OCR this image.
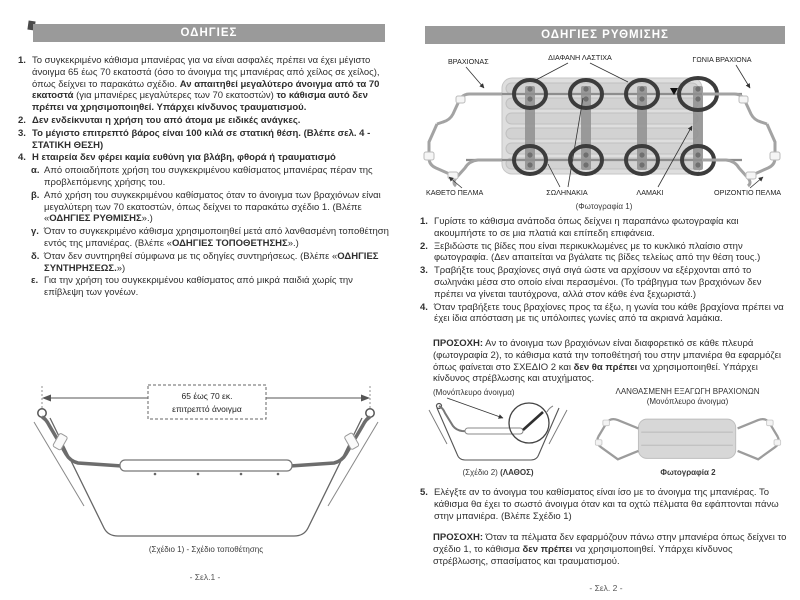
ΟΔΗΓΙΕΣ
1. Το συγκεκριμένο κάθισμα μπανιέρας για να είναι ασφαλές πρέπει να έχει μέγιστο άνοιγμα 65 έως 70 εκατοστά (όσο το άνοιγμα της μπανιέρας από χείλος σε χείλος), όπως δείχνει το παρακάτω σχέδιο. Αν απαιτηθεί μεγαλύτερο άνοιγμα από τα 70 εκατοστά (για μπανιέρες μεγαλύτερες των 70 εκατοστών) το κάθισμα αυτό δεν πρέπει να χρησιμοποιηθεί. Υπάρχει κίνδυνος τραυματισμού.
2. Δεν ενδείκνυται η χρήση του από άτομα με ειδικές ανάγκες.
3. Το μέγιστο επιτρεπτό βάρος είναι 100 κιλά σε στατική θέση. (Βλέπε σελ. 4 - ΣΤΑΤΙΚΗ ΘΕΣΗ)
4. Η εταιρεία δεν φέρει καμία ευθύνη για βλάβη, φθορά ή τραυματισμό
α. Από οποιαδήποτε χρήση του συγκεκριμένου καθίσματος μπανιέρας πέραν της προβλεπόμενης χρήσης του.
β. Από χρήση του συγκεκριμένου καθίσματος όταν το άνοιγμα των βραχιόνων είναι μεγαλύτερη των 70 εκατοστών, όπως δείχνει το παρακάτω σχέδιο 1. (Βλέπε «ΟΔΗΓΙΕΣ ΡΥΘΜΙΣΗΣ».)
γ. Όταν το συγκεκριμένο κάθισμα χρησιμοποιηθεί μετά από λανθασμένη τοποθέτηση εντός της μπανιέρας. (Βλέπε «ΟΔΗΓΙΕΣ ΤΟΠΟΘΕΤΗΣΗΣ».)
δ. Όταν δεν συντηρηθεί σύμφωνα με τις οδηγίες συντηρήσεως. (Βλέπε «ΟΔΗΓΙΕΣ ΣΥΝΤΗΡΗΣΕΩΣ.»)
ε. Για την χρήση του συγκεκριμένου καθίσματος από μικρά παιδιά χωρίς την επίβλεψη των γονέων.
65 έως 70 εκ.
επιτρεπτό άνοιγμα
(Σχέδιο 1) - Σχέδιο τοποθέτησης
- Σελ.1 -
ΟΔΗΓΙΕΣ ΡΥΘΜΙΣΗΣ
ΒΡΑΧΙΟΝΑΣ	ΔΙΑΦΑΝΗ ΛΑΣΤΙΧΑ	ΓΩΝΙΑ ΒΡΑΧΙΟΝΑ
ΚΑΘΕΤΟ ΠΕΛΜΑ	ΣΩΛΗΝΑΚΙΑ	ΛΑΜΑΚΙ	ΟΡΙΖΟΝΤΙΟ ΠΕΛΜΑ
(Φωτογραφία 1)
1. Γυρίστε το κάθισμα ανάποδα όπως δείχνει η παραπάνω φωτογραφία και ακουμπήστε το σε μια πλατιά και επίπεδη επιφάνεια.
2. Ξεβιδώστε τις βίδες που είναι περικυκλωμένες με το κυκλικό πλαίσιο στην φωτογραφία. (Δεν απαιτείται να βγάλατε τις βίδες τελείως από την θέση τους.)
3. Τραβήξτε τους βραχίονες σιγά σιγά ώστε να αρχίσουν να εξέρχονται από το σωληνάκι μέσα στο οποίο είναι περασμένοι. (Το τράβηγμα των βραχιόνων δεν πρέπει να γίνεται ταυτόχρονα, αλλά στον κάθε ένα ξεχωριστά.)
4. Όταν τραβήξετε τους βραχίονες προς τα έξω, η γωνία του κάθε βραχίονα πρέπει να έχει ίδια απόσταση με τις υπόλοιπες γωνίες από τα ακριανά λαμάκια.
ΠΡΟΣΟΧΗ: Αν το άνοιγμα των βραχιόνων είναι διαφορετικό σε κάθε πλευρά (φωτογραφία 2), το κάθισμα κατά την τοποθέτησή του στην μπανιέρα θα εφαρμόζει όπως φαίνεται στο ΣΧΕΔΙΟ 2 και δεν θα πρέπει να χρησιμοποιηθεί. Υπάρχει κίνδυνος στρέβλωσης και ατυχήματος.
(Μονόπλευρο άνοιγμα)
(Σχέδιο 2) (ΛΑΘΟΣ)
ΛΑΝΘΑΣΜΕΝΗ ΕΞΑΓΩΓΗ ΒΡΑΧΙΟΝΩΝ
(Μονόπλευρο άνοιγμα)
Φωτογραφία 2
5. Ελέγξτε αν το άνοιγμα του καθίσματος είναι ίσο με το άνοιγμα της μπανιέρας. Το κάθισμα θα έχει το σωστό άνοιγμα όταν και τα οχτώ πέλματα θα εφάπτονται πάνω στην μπανιέρα. (Βλέπε Σχέδιο 1)
ΠΡΟΣΟΧΗ: Όταν τα πέλματα δεν εφαρμόζουν πάνω στην μπανιέρα όπως δείχνει το σχέδιο 1, το κάθισμα δεν πρέπει να χρησιμοποιηθεί. Υπάρχει κίνδυνος στρέβλωσης, σπασίματος και τραυματισμού.
- Σελ. 2 -
